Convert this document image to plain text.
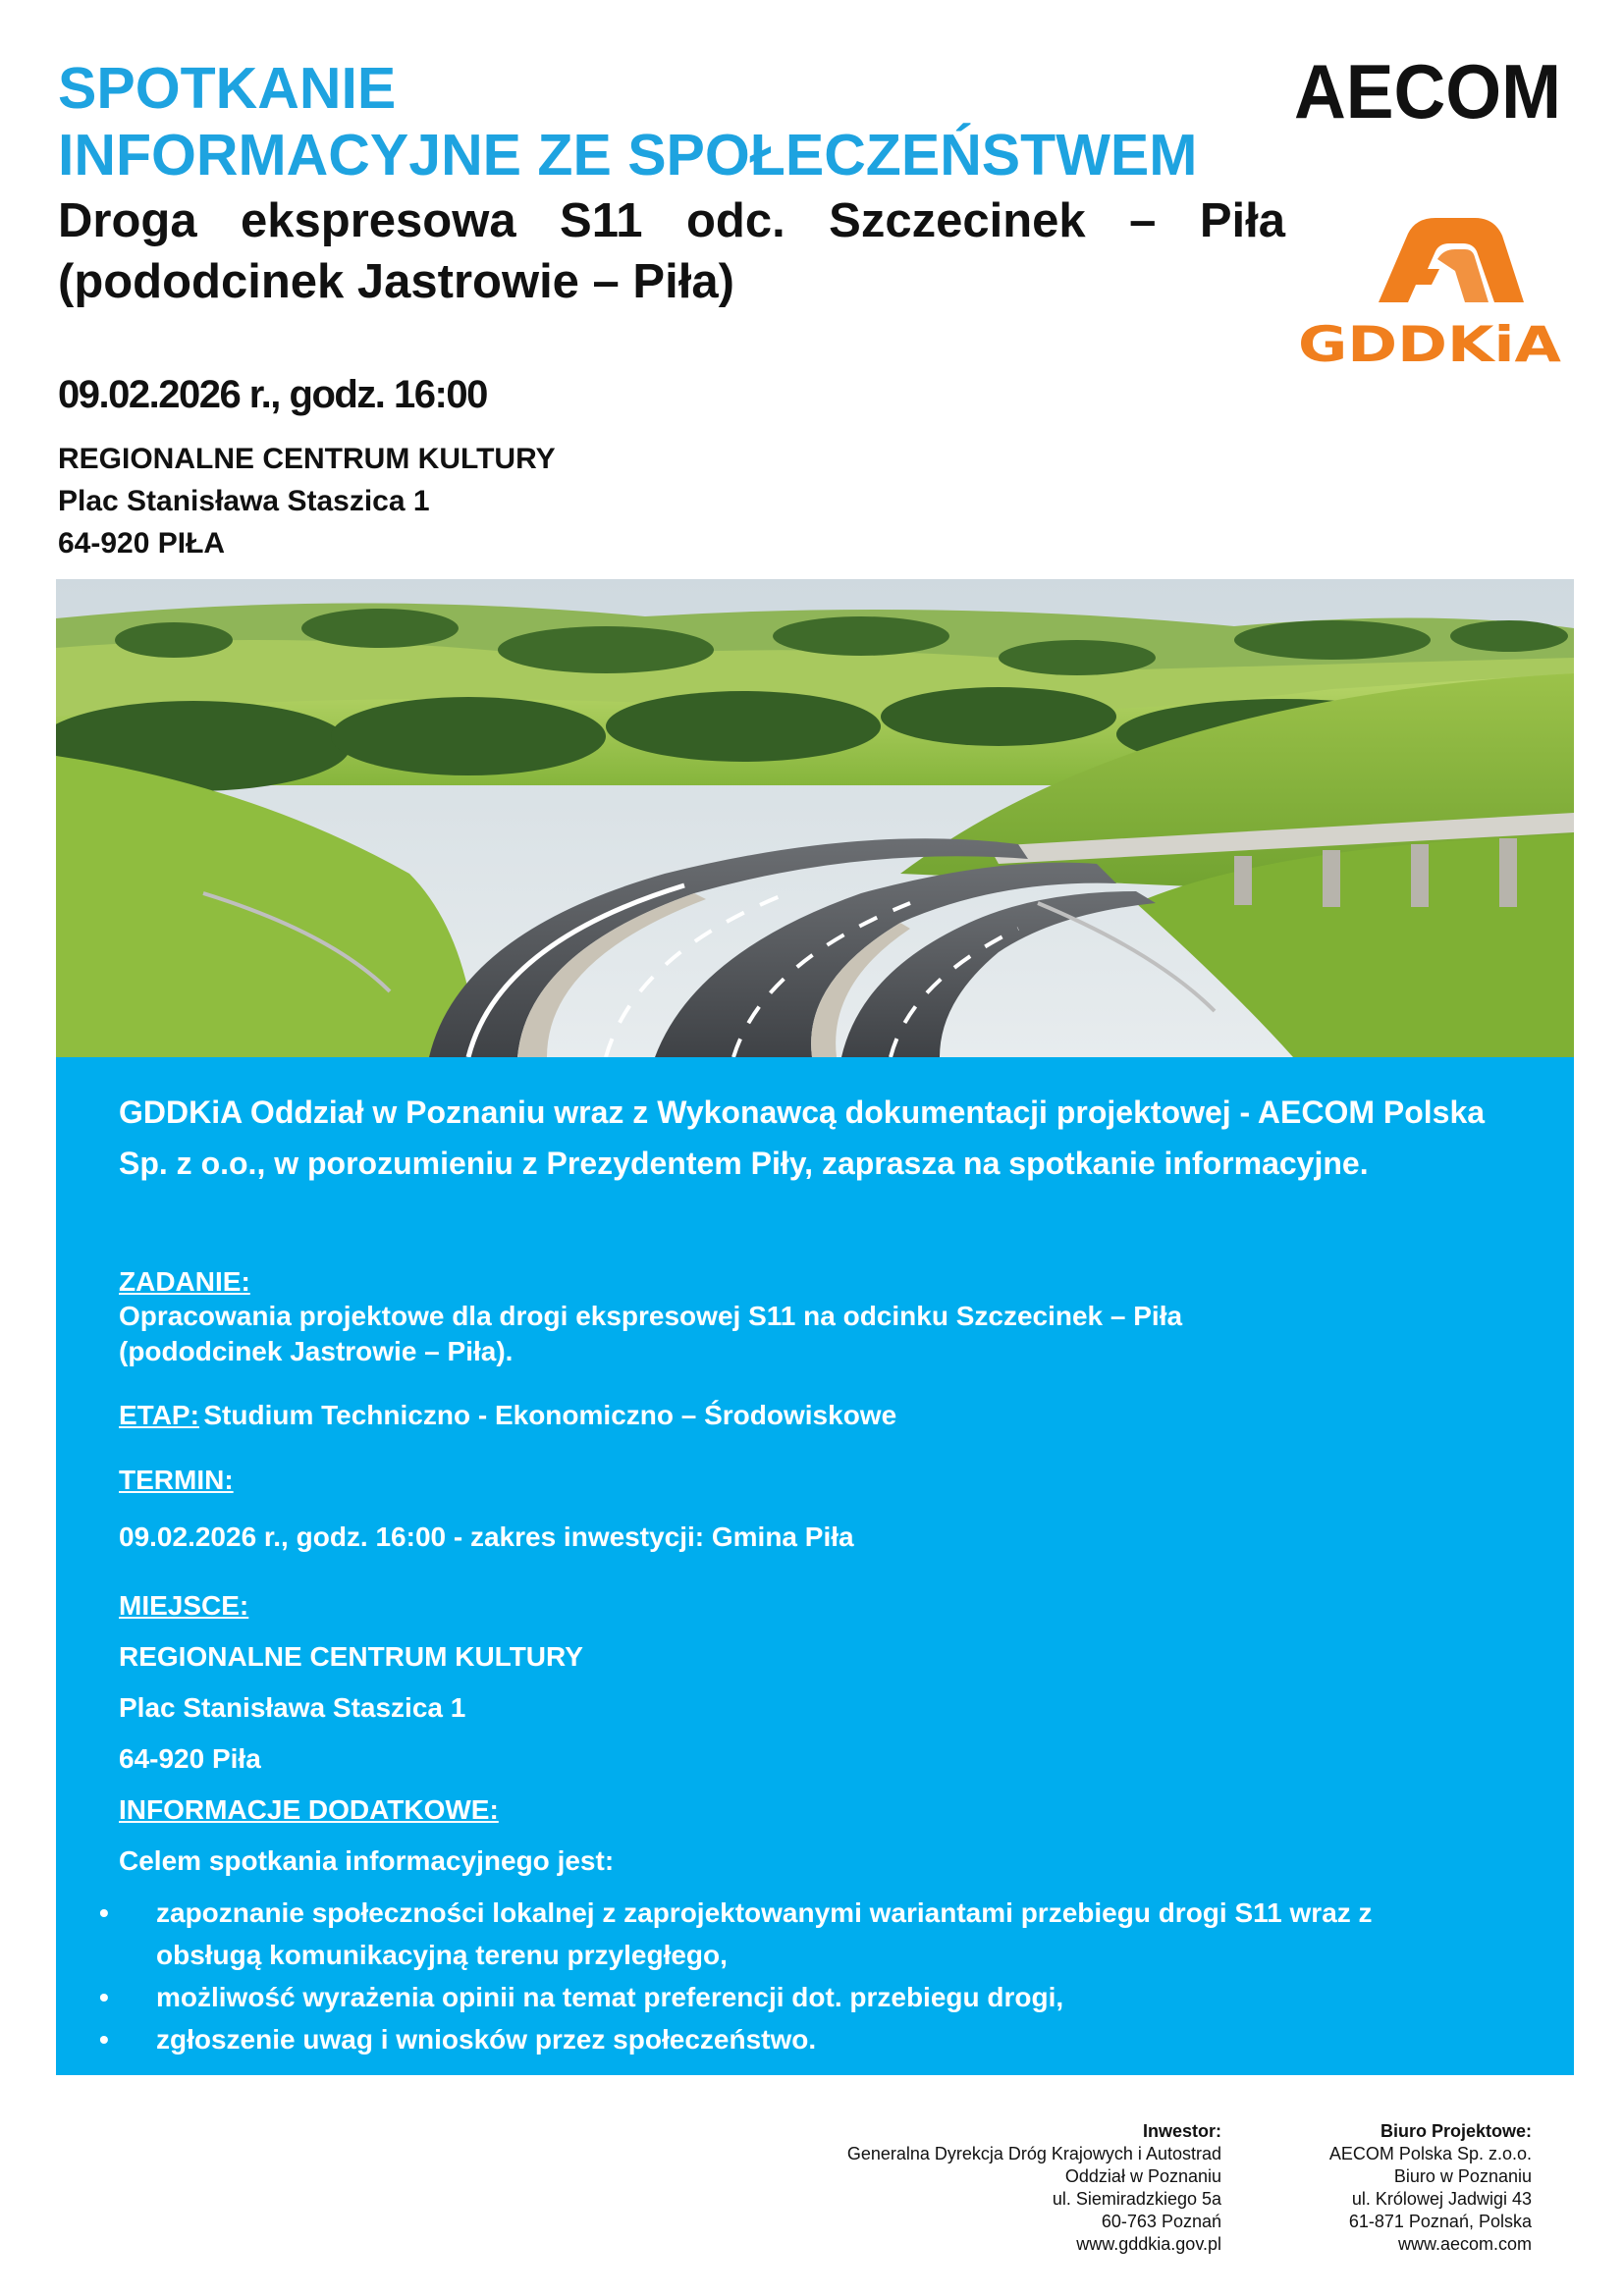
SPOTKANIE
INFORMACYJNE ZE SPOŁECZEŃSTWEM
Droga ekspresowa S11 odc. Szczecinek – Piła
(pododcinek Jastrowie – Piła)
09.02.2026 r., godz. 16:00
REGIONALNE CENTRUM KULTURY
Plac Stanisława Staszica 1
64-920 PIŁA
AECOM
GDDKiA
GDDKiA Oddział w Poznaniu wraz z Wykonawcą dokumentacji projektowej - AECOM Polska Sp. z o.o., w porozumieniu z Prezydentem Piły, zaprasza na spotkanie informacyjne.
ZADANIE:
Opracowania projektowe dla drogi ekspresowej S11 na odcinku Szczecinek – Piła
(pododcinek Jastrowie – Piła).
ETAP: Studium Techniczno - Ekonomiczno – Środowiskowe
TERMIN:
09.02.2026 r., godz. 16:00 - zakres inwestycji: Gmina Piła
MIEJSCE:
REGIONALNE CENTRUM KULTURY
Plac Stanisława Staszica 1
64-920 Piła
INFORMACJE DODATKOWE:
Celem spotkania informacyjnego jest:
• zapoznanie społeczności lokalnej z zaprojektowanymi wariantami przebiegu drogi S11 wraz z obsługą komunikacyjną terenu przyległego,
• możliwość wyrażenia opinii na temat preferencji dot. przebiegu drogi,
• zgłoszenie uwag i wniosków przez społeczeństwo.
Inwestor:
Generalna Dyrekcja Dróg Krajowych i Autostrad
Oddział w Poznaniu
ul. Siemiradzkiego 5a
60-763 Poznań
www.gddkia.gov.pl
Biuro Projektowe:
AECOM Polska Sp. z.o.o.
Biuro w Poznaniu
ul. Królowej Jadwigi 43
61-871 Poznań, Polska
www.aecom.com
